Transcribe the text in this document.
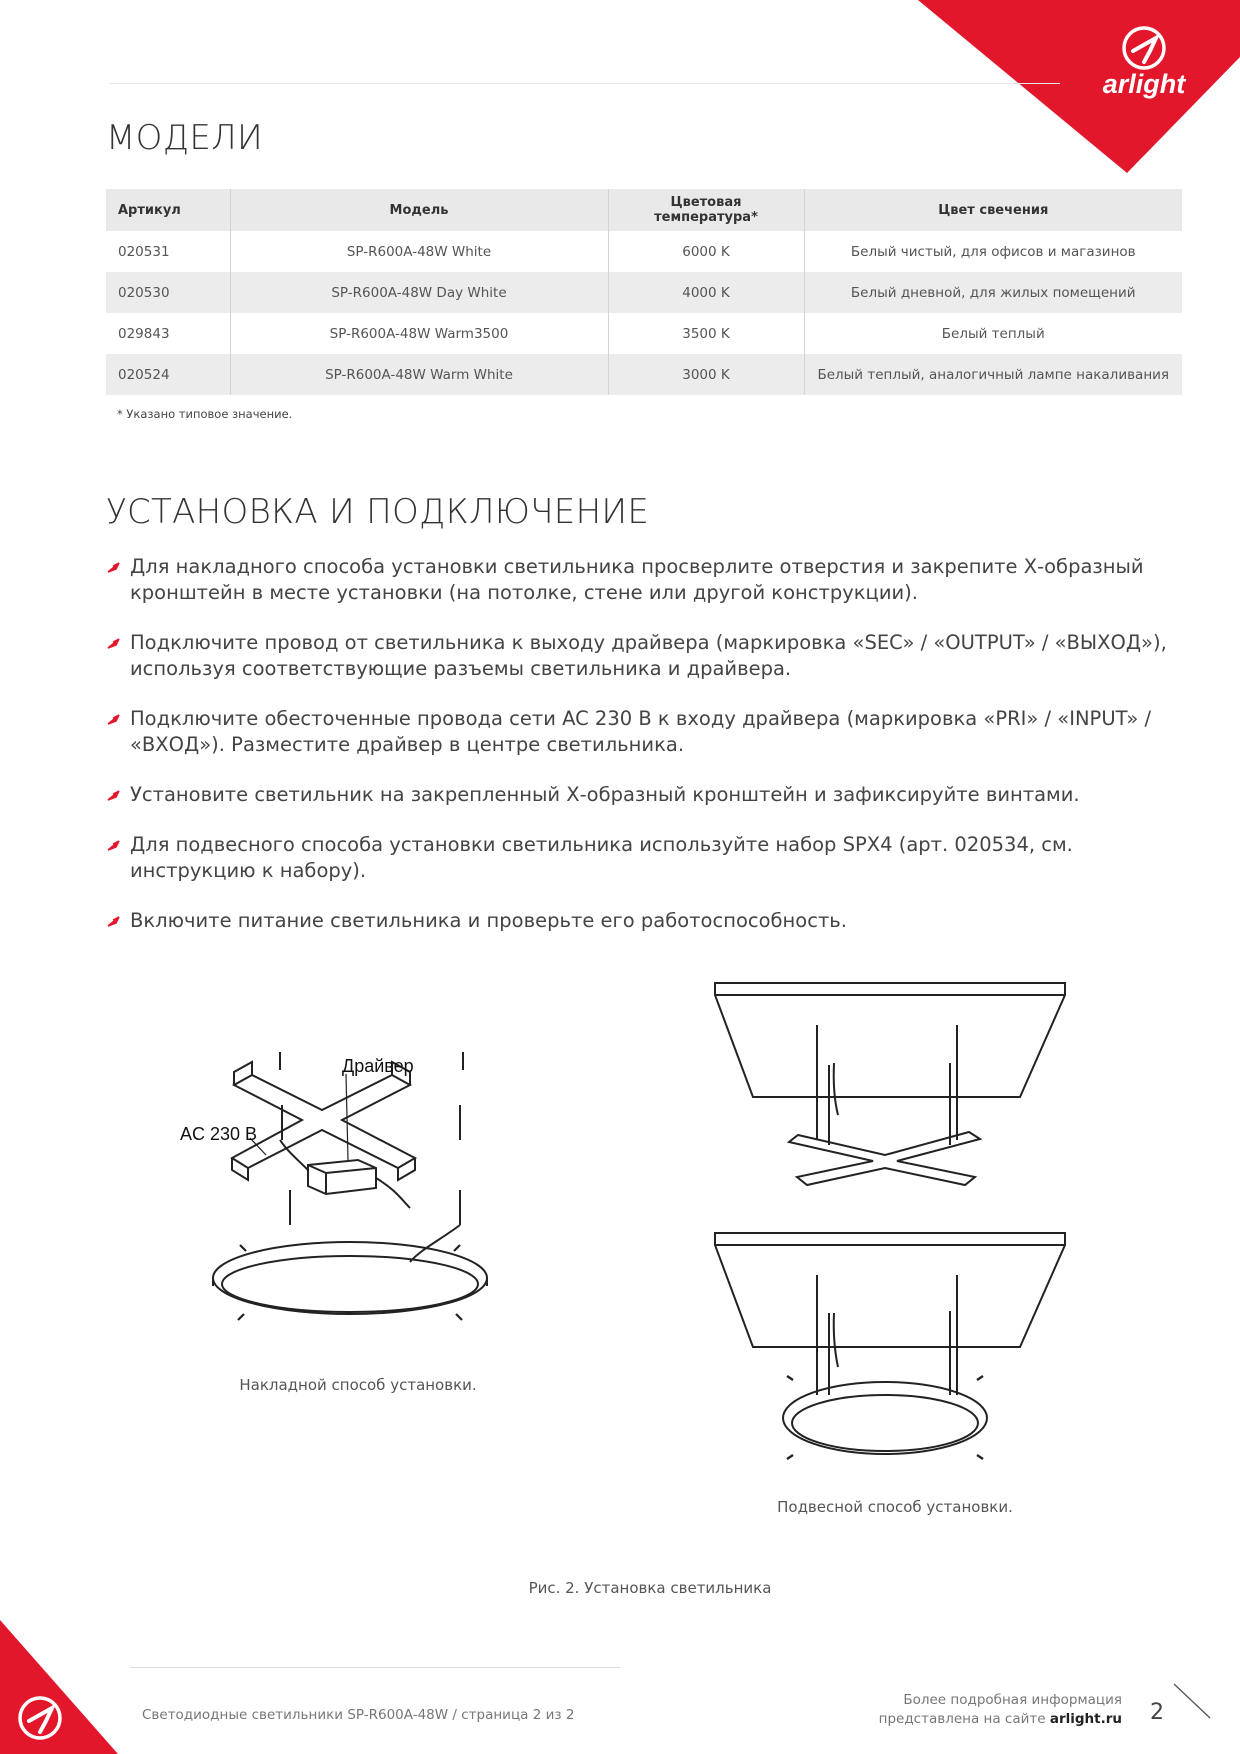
arlight
МОДЕЛИ
Артикул	Модель	Цветовая температура*	Цвет свечения
020531	SP-R600A-48W White	6000 K	Белый чистый, для офисов и магазинов
020530	SP-R600A-48W Day White	4000 K	Белый дневной, для жилых помещений
029843	SP-R600A-48W Warm3500	3500 K	Белый теплый
020524	SP-R600A-48W Warm White	3000 K	Белый теплый, аналогичный лампе накаливания
* Указано типовое значение.
УСТАНОВКА И ПОДКЛЮЧЕНИЕ
Для накладного способа установки светильника просверлите отверстия и закрепите Х-образный кронштейн в месте установки (на потолке, стене или другой конструкции).
Подключите провод от светильника к выходу драйвера (маркировка «SEC» / «OUTPUT» / «ВЫХОД»), используя соответствующие разъемы светильника и драйвера.
Подключите обесточенные провода сети AC 230 В к входу драйвера (маркировка «PRI» / «INPUT» / «ВХОД»). Разместите драйвер в центре светильника.
Установите светильник на закрепленный Х-образный кронштейн и зафиксируйте винтами.
Для подвесного способа установки светильника используйте набор SPX4 (арт. 020534, см. инструкцию к набору).
Включите питание светильника и проверьте его работоспособность.
Драйвер
AC 230 В
Накладной способ установки.
Подвесной способ установки.
Рис. 2. Установка светильника
Светодиодные светильники SP-R600A-48W / страница 2 из 2
Более подробная информация
представлена на сайте arlight.ru 2
